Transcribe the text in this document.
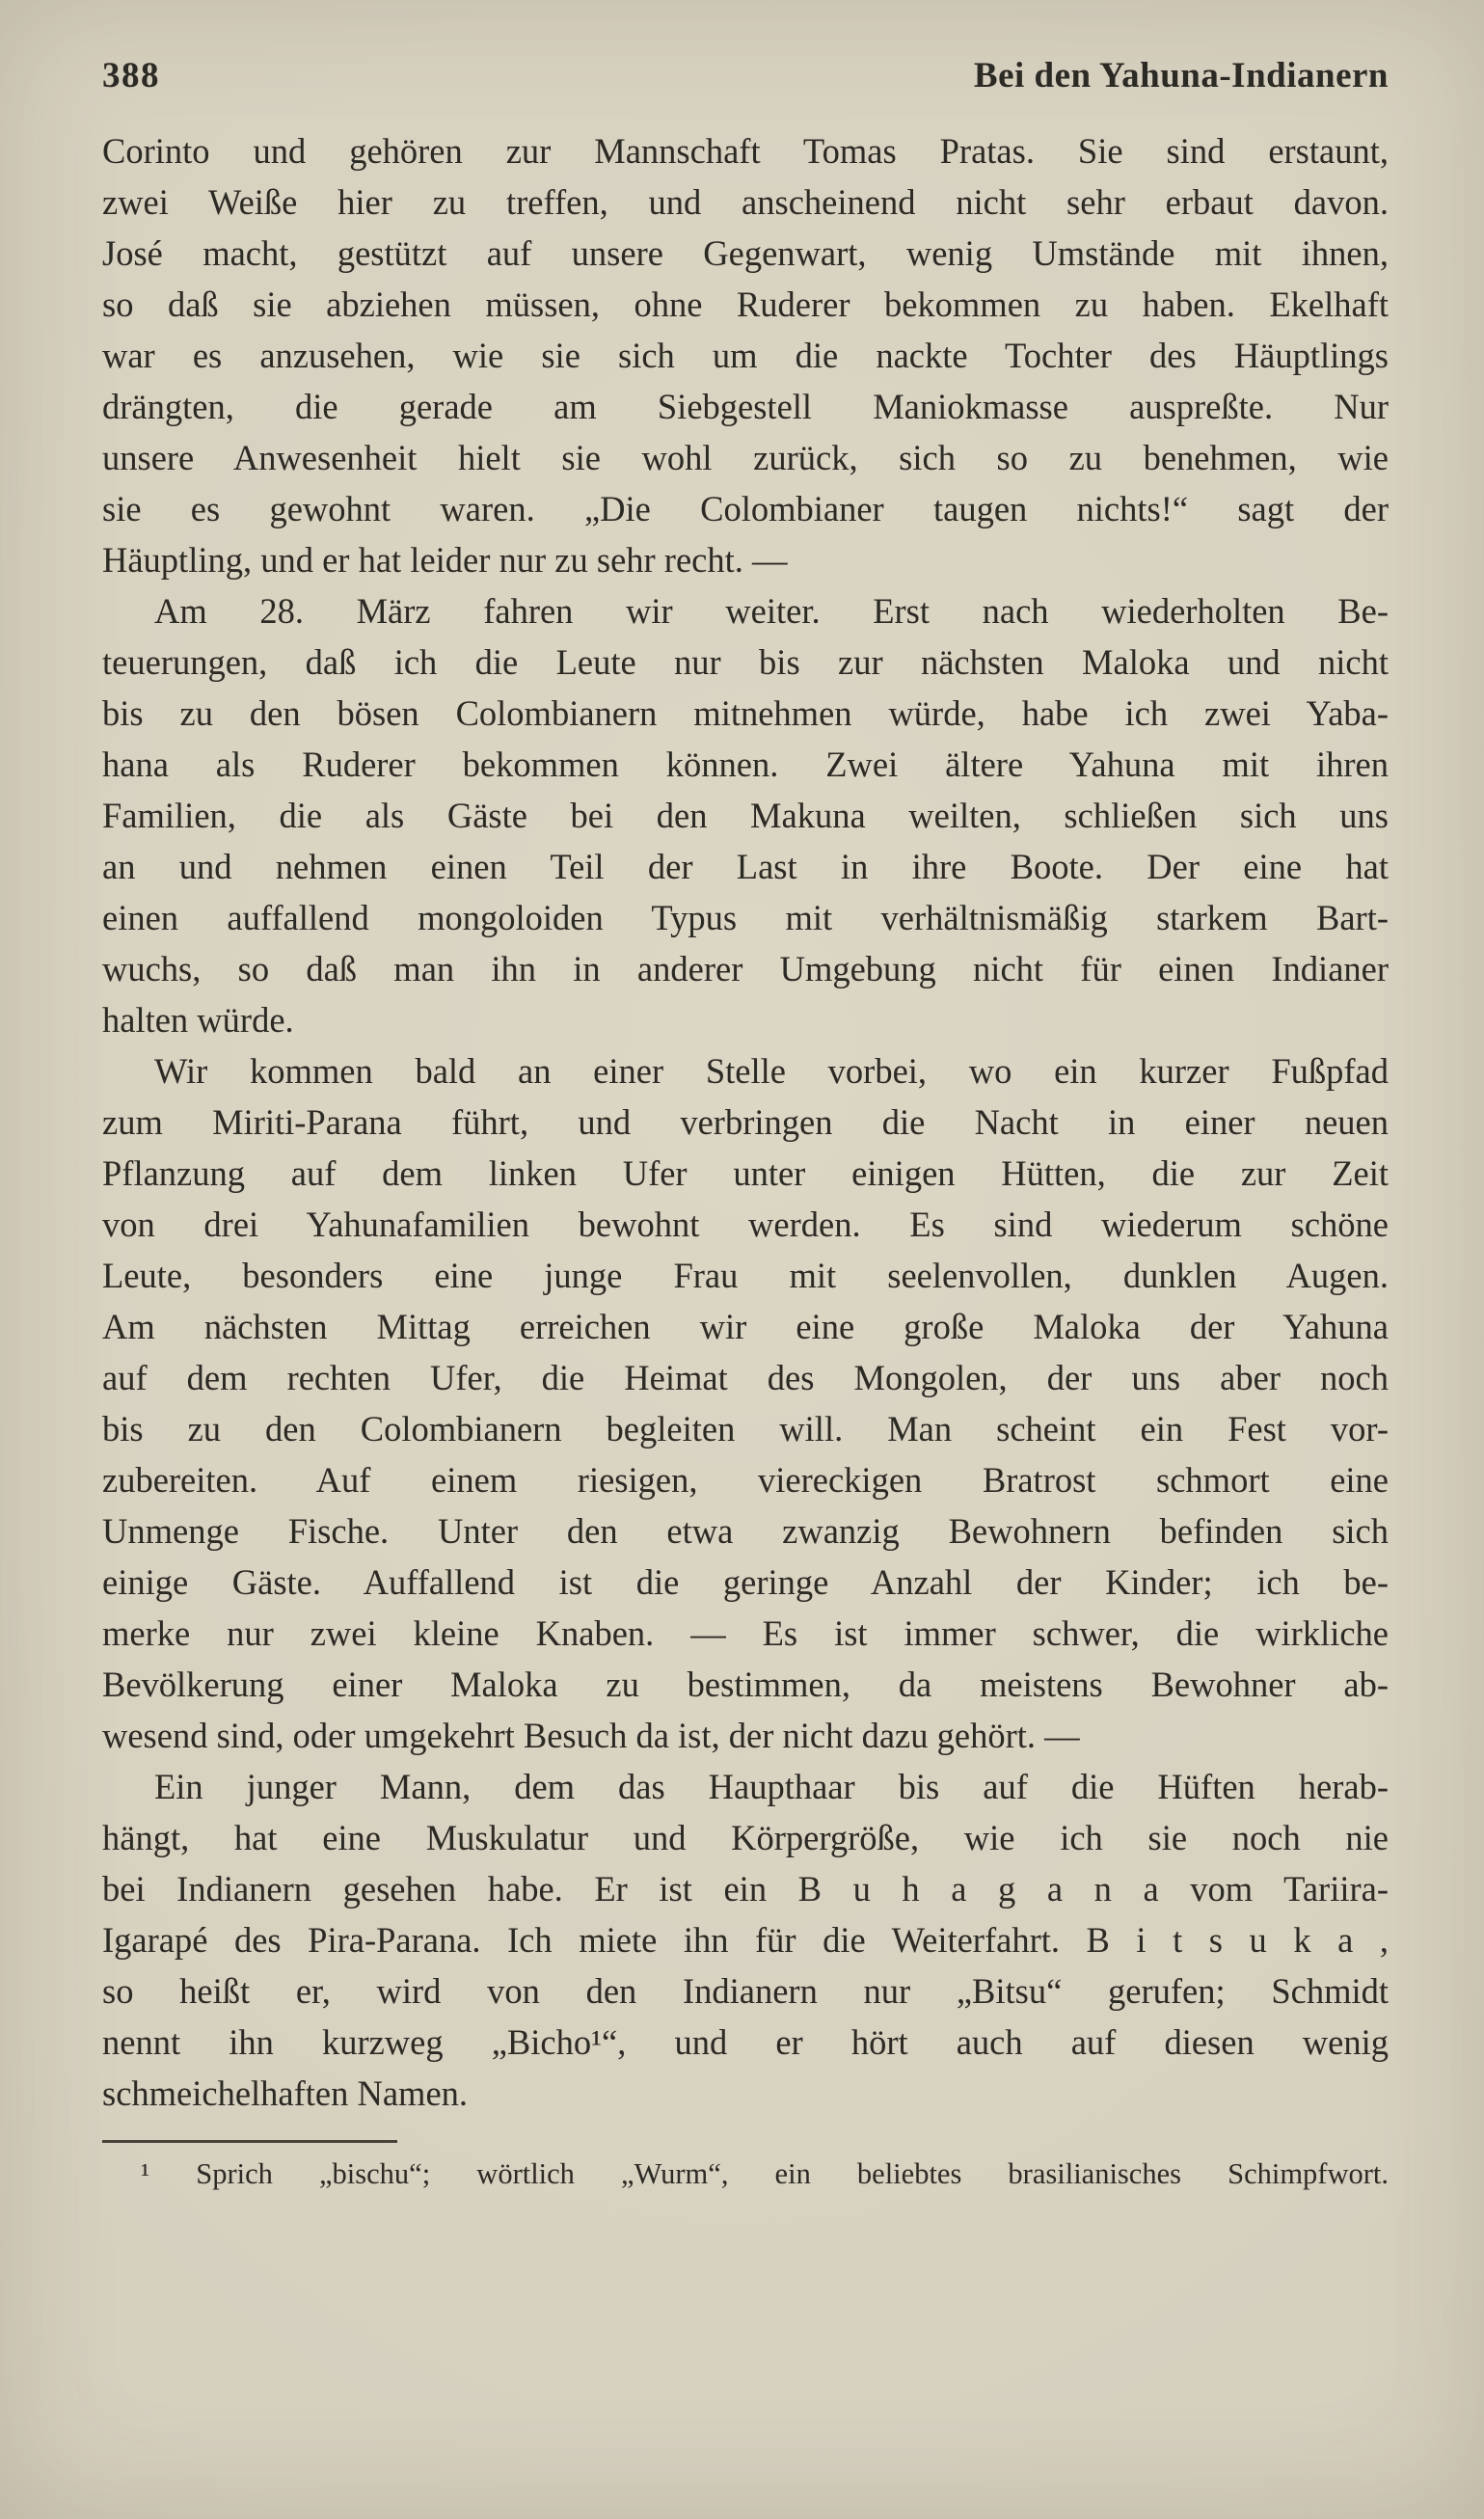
388	Bei den Yahuna-Indianern
Corinto und gehören zur Mannschaft Tomas Pratas. Sie sind erstaunt,
zwei Weiße hier zu treffen, und anscheinend nicht sehr erbaut davon.
José macht, gestützt auf unsere Gegenwart, wenig Umstände mit ihnen,
so daß sie abziehen müssen, ohne Ruderer bekommen zu haben. Ekelhaft
war es anzusehen, wie sie sich um die nackte Tochter des Häuptlings
drängten, die gerade am Siebgestell Maniokmasse auspreßte. Nur
unsere Anwesenheit hielt sie wohl zurück, sich so zu benehmen, wie
sie es gewohnt waren. „Die Colombianer taugen nichts!“ sagt der
Häuptling, und er hat leider nur zu sehr recht. —
Am 28. März fahren wir weiter. Erst nach wiederholten Be-
teuerungen, daß ich die Leute nur bis zur nächsten Maloka und nicht
bis zu den bösen Colombianern mitnehmen würde, habe ich zwei Yaba-
hana als Ruderer bekommen können. Zwei ältere Yahuna mit ihren
Familien, die als Gäste bei den Makuna weilten, schließen sich uns
an und nehmen einen Teil der Last in ihre Boote. Der eine hat
einen auffallend mongoloiden Typus mit verhältnismäßig starkem Bart-
wuchs, so daß man ihn in anderer Umgebung nicht für einen Indianer
halten würde.
Wir kommen bald an einer Stelle vorbei, wo ein kurzer Fußpfad
zum Miriti-Parana führt, und verbringen die Nacht in einer neuen
Pflanzung auf dem linken Ufer unter einigen Hütten, die zur Zeit
von drei Yahunafamilien bewohnt werden. Es sind wiederum schöne
Leute, besonders eine junge Frau mit seelenvollen, dunklen Augen.
Am nächsten Mittag erreichen wir eine große Maloka der Yahuna
auf dem rechten Ufer, die Heimat des Mongolen, der uns aber noch
bis zu den Colombianern begleiten will. Man scheint ein Fest vor-
zubereiten. Auf einem riesigen, viereckigen Bratrost schmort eine
Unmenge Fische. Unter den etwa zwanzig Bewohnern befinden sich
einige Gäste. Auffallend ist die geringe Anzahl der Kinder; ich be-
merke nur zwei kleine Knaben. — Es ist immer schwer, die wirkliche
Bevölkerung einer Maloka zu bestimmen, da meistens Bewohner ab-
wesend sind, oder umgekehrt Besuch da ist, der nicht dazu gehört. —
Ein junger Mann, dem das Haupthaar bis auf die Hüften herab-
hängt, hat eine Muskulatur und Körpergröße, wie ich sie noch nie
bei Indianern gesehen habe. Er ist ein B u h a g a n a vom Tariira-
Igarapé des Pira-Parana. Ich miete ihn für die Weiterfahrt. B i t s u k a ,
so heißt er, wird von den Indianern nur „Bitsu“ gerufen; Schmidt
nennt ihn kurzweg „Bicho¹“, und er hört auch auf diesen wenig
schmeichelhaften Namen.
¹ Sprich „bischu“; wörtlich „Wurm“, ein beliebtes brasilianisches Schimpfwort.
